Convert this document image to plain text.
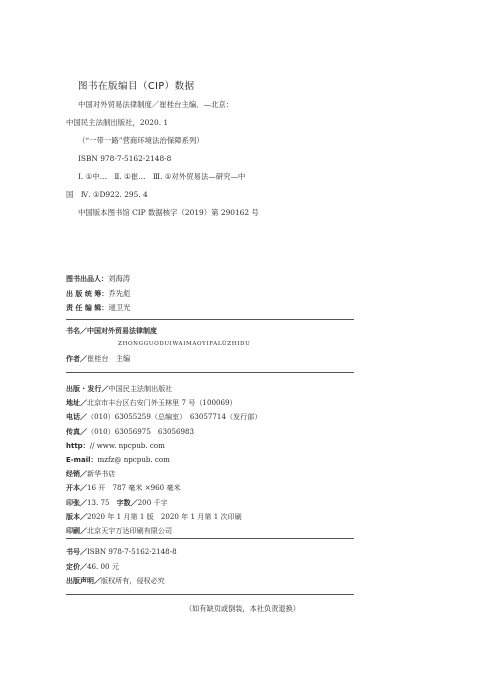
图书在版编目（CIP）数据
中国对外贸易法律制度／崔桂台主编．—北京：
中国民主法制出版社，2020. 1
（“一带一路”营商环境法治保障系列）
ISBN 978-7-5162-2148-8
Ⅰ. ①中…　Ⅱ. ①崔…　Ⅲ. ①对外贸易法—研究—中
国　Ⅳ. ①D922. 295. 4
中国版本图书馆 CIP 数据核字（2019）第 290162 号
图书出品人：刘海涛
出 版 统 筹：乔先彪
责 任 编 辑：逯卫光
书名／中国对外贸易法律制度
ZHONGGUODUIWAIMAOYIFALÜZHIDU
作者／崔桂台　主编
出版 · 发行／中国民主法制出版社
地址／北京市丰台区右安门外玉林里 7 号（100069）
电话／（010）63055259（总编室）　63057714（发行部）
传真／（010）63056975　63056983
http：// www. npcpub. com
E-mail：mzfz@ npcpub. com
经销／新华书店
开本／16 开　787 毫米 ×960 毫米
印张／13. 75　字数／200 千字
版本／2020 年 1 月第 1 版　2020 年 1 月第 1 次印刷
印刷／北京天宇万达印刷有限公司
书号／ISBN 978-7-5162-2148-8
定价／46. 00 元
出版声明／版权所有，侵权必究
（如有缺页或倒装，本社负责退换）
